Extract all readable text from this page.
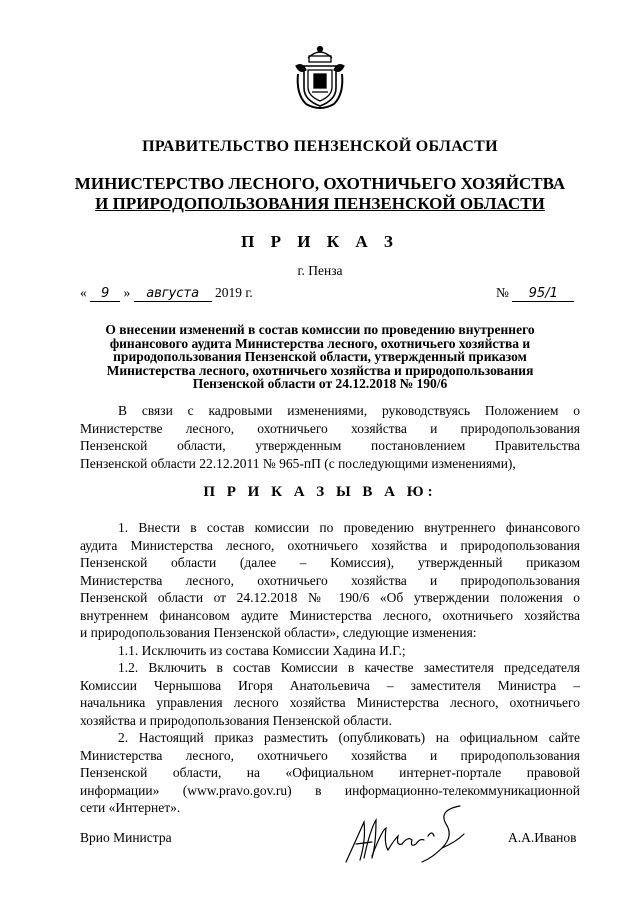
ПРАВИТЕЛЬСТВО ПЕНЗЕНСКОЙ ОБЛАСТИ
МИНИСТЕРСТВО ЛЕСНОГО, ОХОТНИЧЬЕГО ХОЗЯЙСТВА
И ПРИРОДОПОЛЬЗОВАНИЯ ПЕНЗЕНСКОЙ ОБЛАСТИ
П Р И К А З
г. Пенза
« 9 » августа 2019 г.	№ 95/1
О внесении изменений в состав комиссии по проведению внутреннего
финансового аудита Министерства лесного, охотничьего хозяйства и
природопользования Пензенской области, утвержденный приказом
Министерства лесного, охотничьего хозяйства и природопользования
Пензенской области от 24.12.2018 № 190/6
В связи с кадровыми изменениями, руководствуясь Положением о
Министерстве лесного, охотничьего хозяйства и природопользования
Пензенской области, утвержденным постановлением Правительства
Пензенской области 22.12.2011 № 965-пП (с последующими изменениями),
П Р И К А З Ы В А Ю:
1. Внести в состав комиссии по проведению внутреннего финансового
аудита Министерства лесного, охотничьего хозяйства и природопользования
Пензенской области (далее – Комиссия), утвержденный приказом
Министерства лесного, охотничьего хозяйства и природопользования
Пензенской области от 24.12.2018 № 190/6 «Об утверждении положения о
внутреннем финансовом аудите Министерства лесного, охотничьего хозяйства
и природопользования Пензенской области», следующие изменения:
1.1. Исключить из состава Комиссии Хадина И.Г.;
1.2. Включить в состав Комиссии в качестве заместителя председателя
Комиссии Чернышова Игоря Анатольевича – заместителя Министра –
начальника управления лесного хозяйства Министерства лесного, охотничьего
хозяйства и природопользования Пензенской области.
2. Настоящий приказ разместить (опубликовать) на официальном сайте
Министерства лесного, охотничьего хозяйства и природопользования
Пензенской области, на «Официальном интернет-портале правовой
информации» (www.pravo.gov.ru) в информационно-телекоммуникационной
сети «Интернет».
Врио Министра	А.А.Иванов
